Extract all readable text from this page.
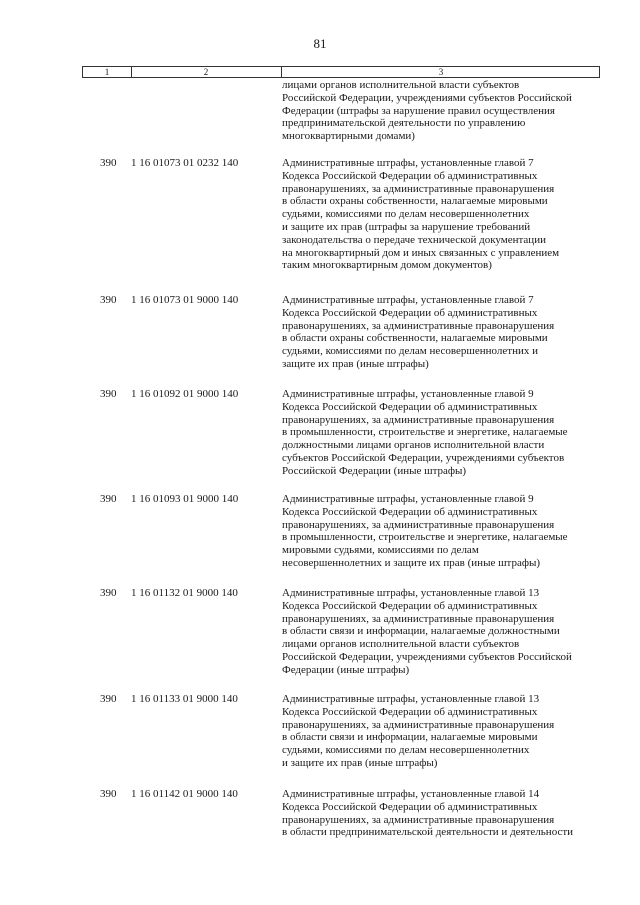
81
1	2	3
лицами органов исполнительной власти субъектов
Российской Федерации, учреждениями субъектов Российской
Федерации (штрафы за нарушение правил осуществления
предпринимательской деятельности по управлению
многоквартирными домами)
390 1 16 01073 01 0232 140	Административные штрафы, установленные главой 7
Кодекса Российской Федерации об административных
правонарушениях, за административные правонарушения
в области охраны собственности, налагаемые мировыми
судьями, комиссиями по делам несовершеннолетних
и защите их прав (штрафы за нарушение требований
законодательства о передаче технической документации
на многоквартирный дом и иных связанных с управлением
таким многоквартирным домом документов)
390 1 16 01073 01 9000 140	Административные штрафы, установленные главой 7
Кодекса Российской Федерации об административных
правонарушениях, за административные правонарушения
в области охраны собственности, налагаемые мировыми
судьями, комиссиями по делам несовершеннолетних и
защите их прав (иные штрафы)
390 1 16 01092 01 9000 140	Административные штрафы, установленные главой 9
Кодекса Российской Федерации об административных
правонарушениях, за административные правонарушения
в промышленности, строительстве и энергетике, налагаемые
должностными лицами органов исполнительной власти
субъектов Российской Федерации, учреждениями субъектов
Российской Федерации (иные штрафы)
390 1 16 01093 01 9000 140	Административные штрафы, установленные главой 9
Кодекса Российской Федерации об административных
правонарушениях, за административные правонарушения
в промышленности, строительстве и энергетике, налагаемые
мировыми судьями, комиссиями по делам
несовершеннолетних и защите их прав (иные штрафы)
390 1 16 01132 01 9000 140	Административные штрафы, установленные главой 13
Кодекса Российской Федерации об административных
правонарушениях, за административные правонарушения
в области связи и информации, налагаемые должностными
лицами органов исполнительной власти субъектов
Российской Федерации, учреждениями субъектов Российской
Федерации (иные штрафы)
390 1 16 01133 01 9000 140	Административные штрафы, установленные главой 13
Кодекса Российской Федерации об административных
правонарушениях, за административные правонарушения
в области связи и информации, налагаемые мировыми
судьями, комиссиями по делам несовершеннолетних
и защите их прав (иные штрафы)
390 1 16 01142 01 9000 140	Административные штрафы, установленные главой 14
Кодекса Российской Федерации об административных
правонарушениях, за административные правонарушения
в области предпринимательской деятельности и деятельности
